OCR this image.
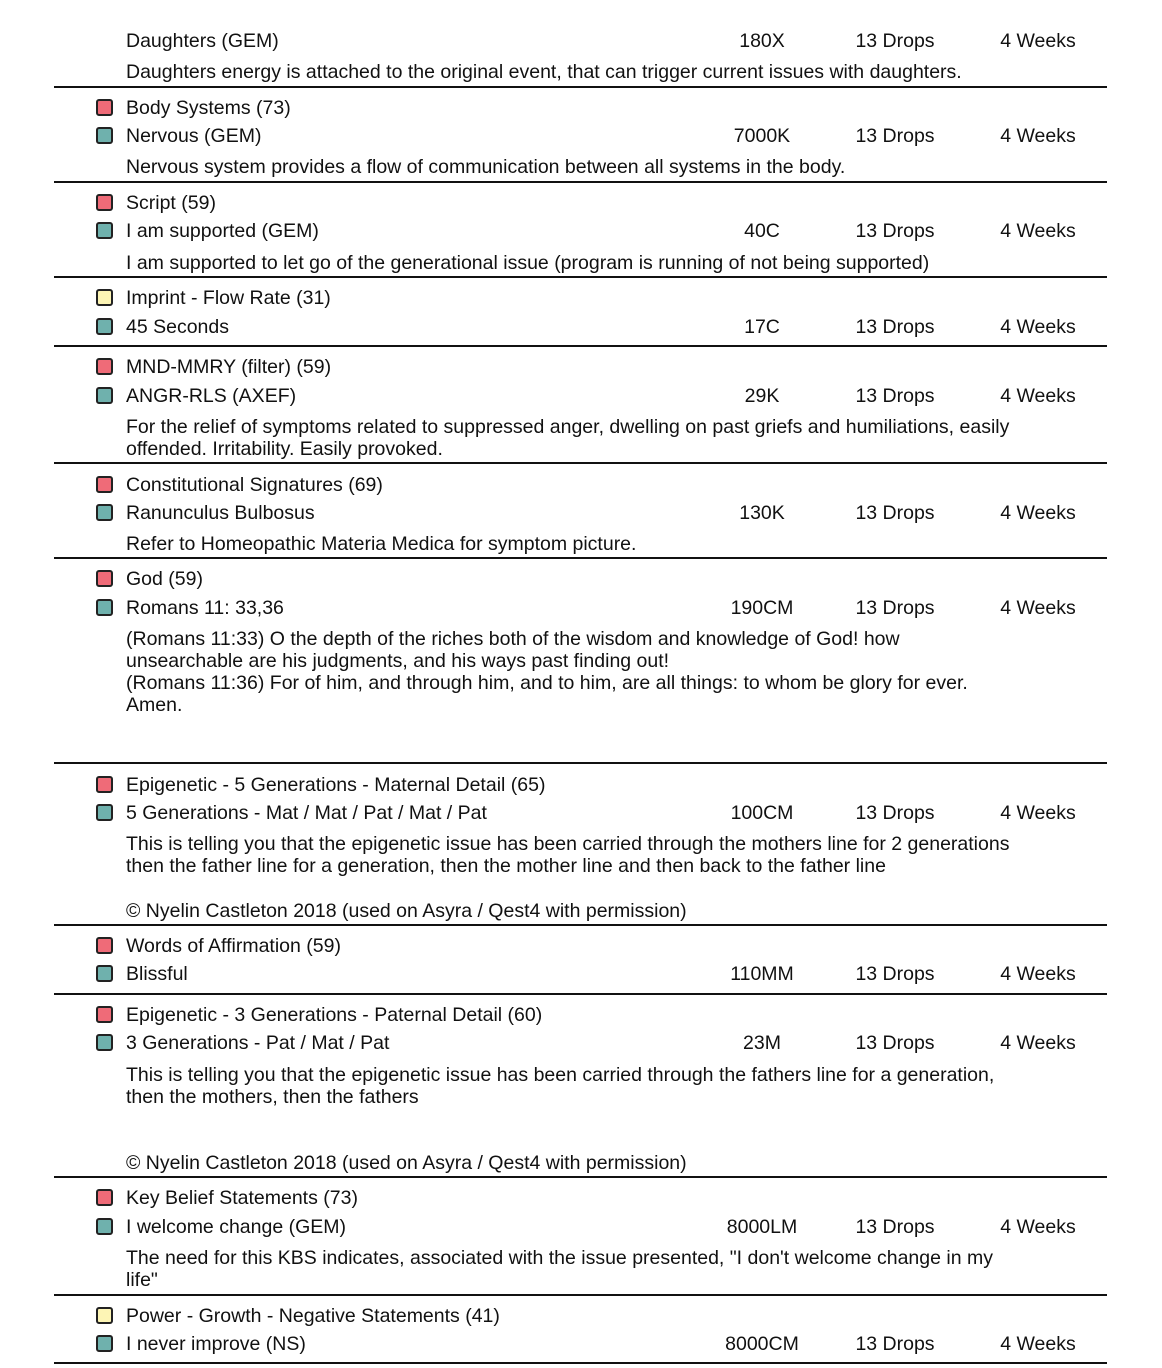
Daughters (GEM)	180X	13 Drops	4 Weeks
Daughters energy is attached to the original event, that can trigger current issues with daughters.
Body Systems (73)
Nervous (GEM)	7000K	13 Drops	4 Weeks
Nervous system provides a flow of communication between all systems in the body.
Script (59)
I am supported (GEM)	40C	13 Drops	4 Weeks
I am supported to let go of the generational issue (program is running of not being supported)
Imprint - Flow Rate (31)
45 Seconds	17C	13 Drops	4 Weeks
MND-MMRY (filter) (59)
ANGR-RLS (AXEF)	29K	13 Drops	4 Weeks
For the relief of symptoms related to suppressed anger, dwelling on past griefs and humiliations, easily
offended. Irritability. Easily provoked.
Constitutional Signatures (69)
Ranunculus Bulbosus	130K	13 Drops	4 Weeks
Refer to Homeopathic Materia Medica for symptom picture.
God (59)
Romans 11: 33,36	190CM	13 Drops	4 Weeks
(Romans 11:33) O the depth of the riches both of the wisdom and knowledge of God! how
unsearchable are his judgments, and his ways past finding out!
(Romans 11:36) For of him, and through him, and to him, are all things: to whom be glory for ever.
Amen.
Epigenetic - 5 Generations - Maternal Detail (65)
5 Generations - Mat / Mat / Pat / Mat / Pat	100CM	13 Drops	4 Weeks
This is telling you that the epigenetic issue has been carried through the mothers line for 2 generations
then the father line for a generation, then the mother line and then back to the father line
© Nyelin Castleton 2018 (used on Asyra / Qest4 with permission)
Words of Affirmation (59)
Blissful	110MM	13 Drops	4 Weeks
Epigenetic - 3 Generations - Paternal Detail (60)
3 Generations - Pat / Mat / Pat	23M	13 Drops	4 Weeks
This is telling you that the epigenetic issue has been carried through the fathers line for a generation,
then the mothers, then the fathers
© Nyelin Castleton 2018 (used on Asyra / Qest4 with permission)
Key Belief Statements (73)
I welcome change (GEM)	8000LM	13 Drops	4 Weeks
The need for this KBS indicates, associated with the issue presented, "I don't welcome change in my
life"
Power - Growth - Negative Statements (41)
I never improve (NS)	8000CM	13 Drops	4 Weeks
